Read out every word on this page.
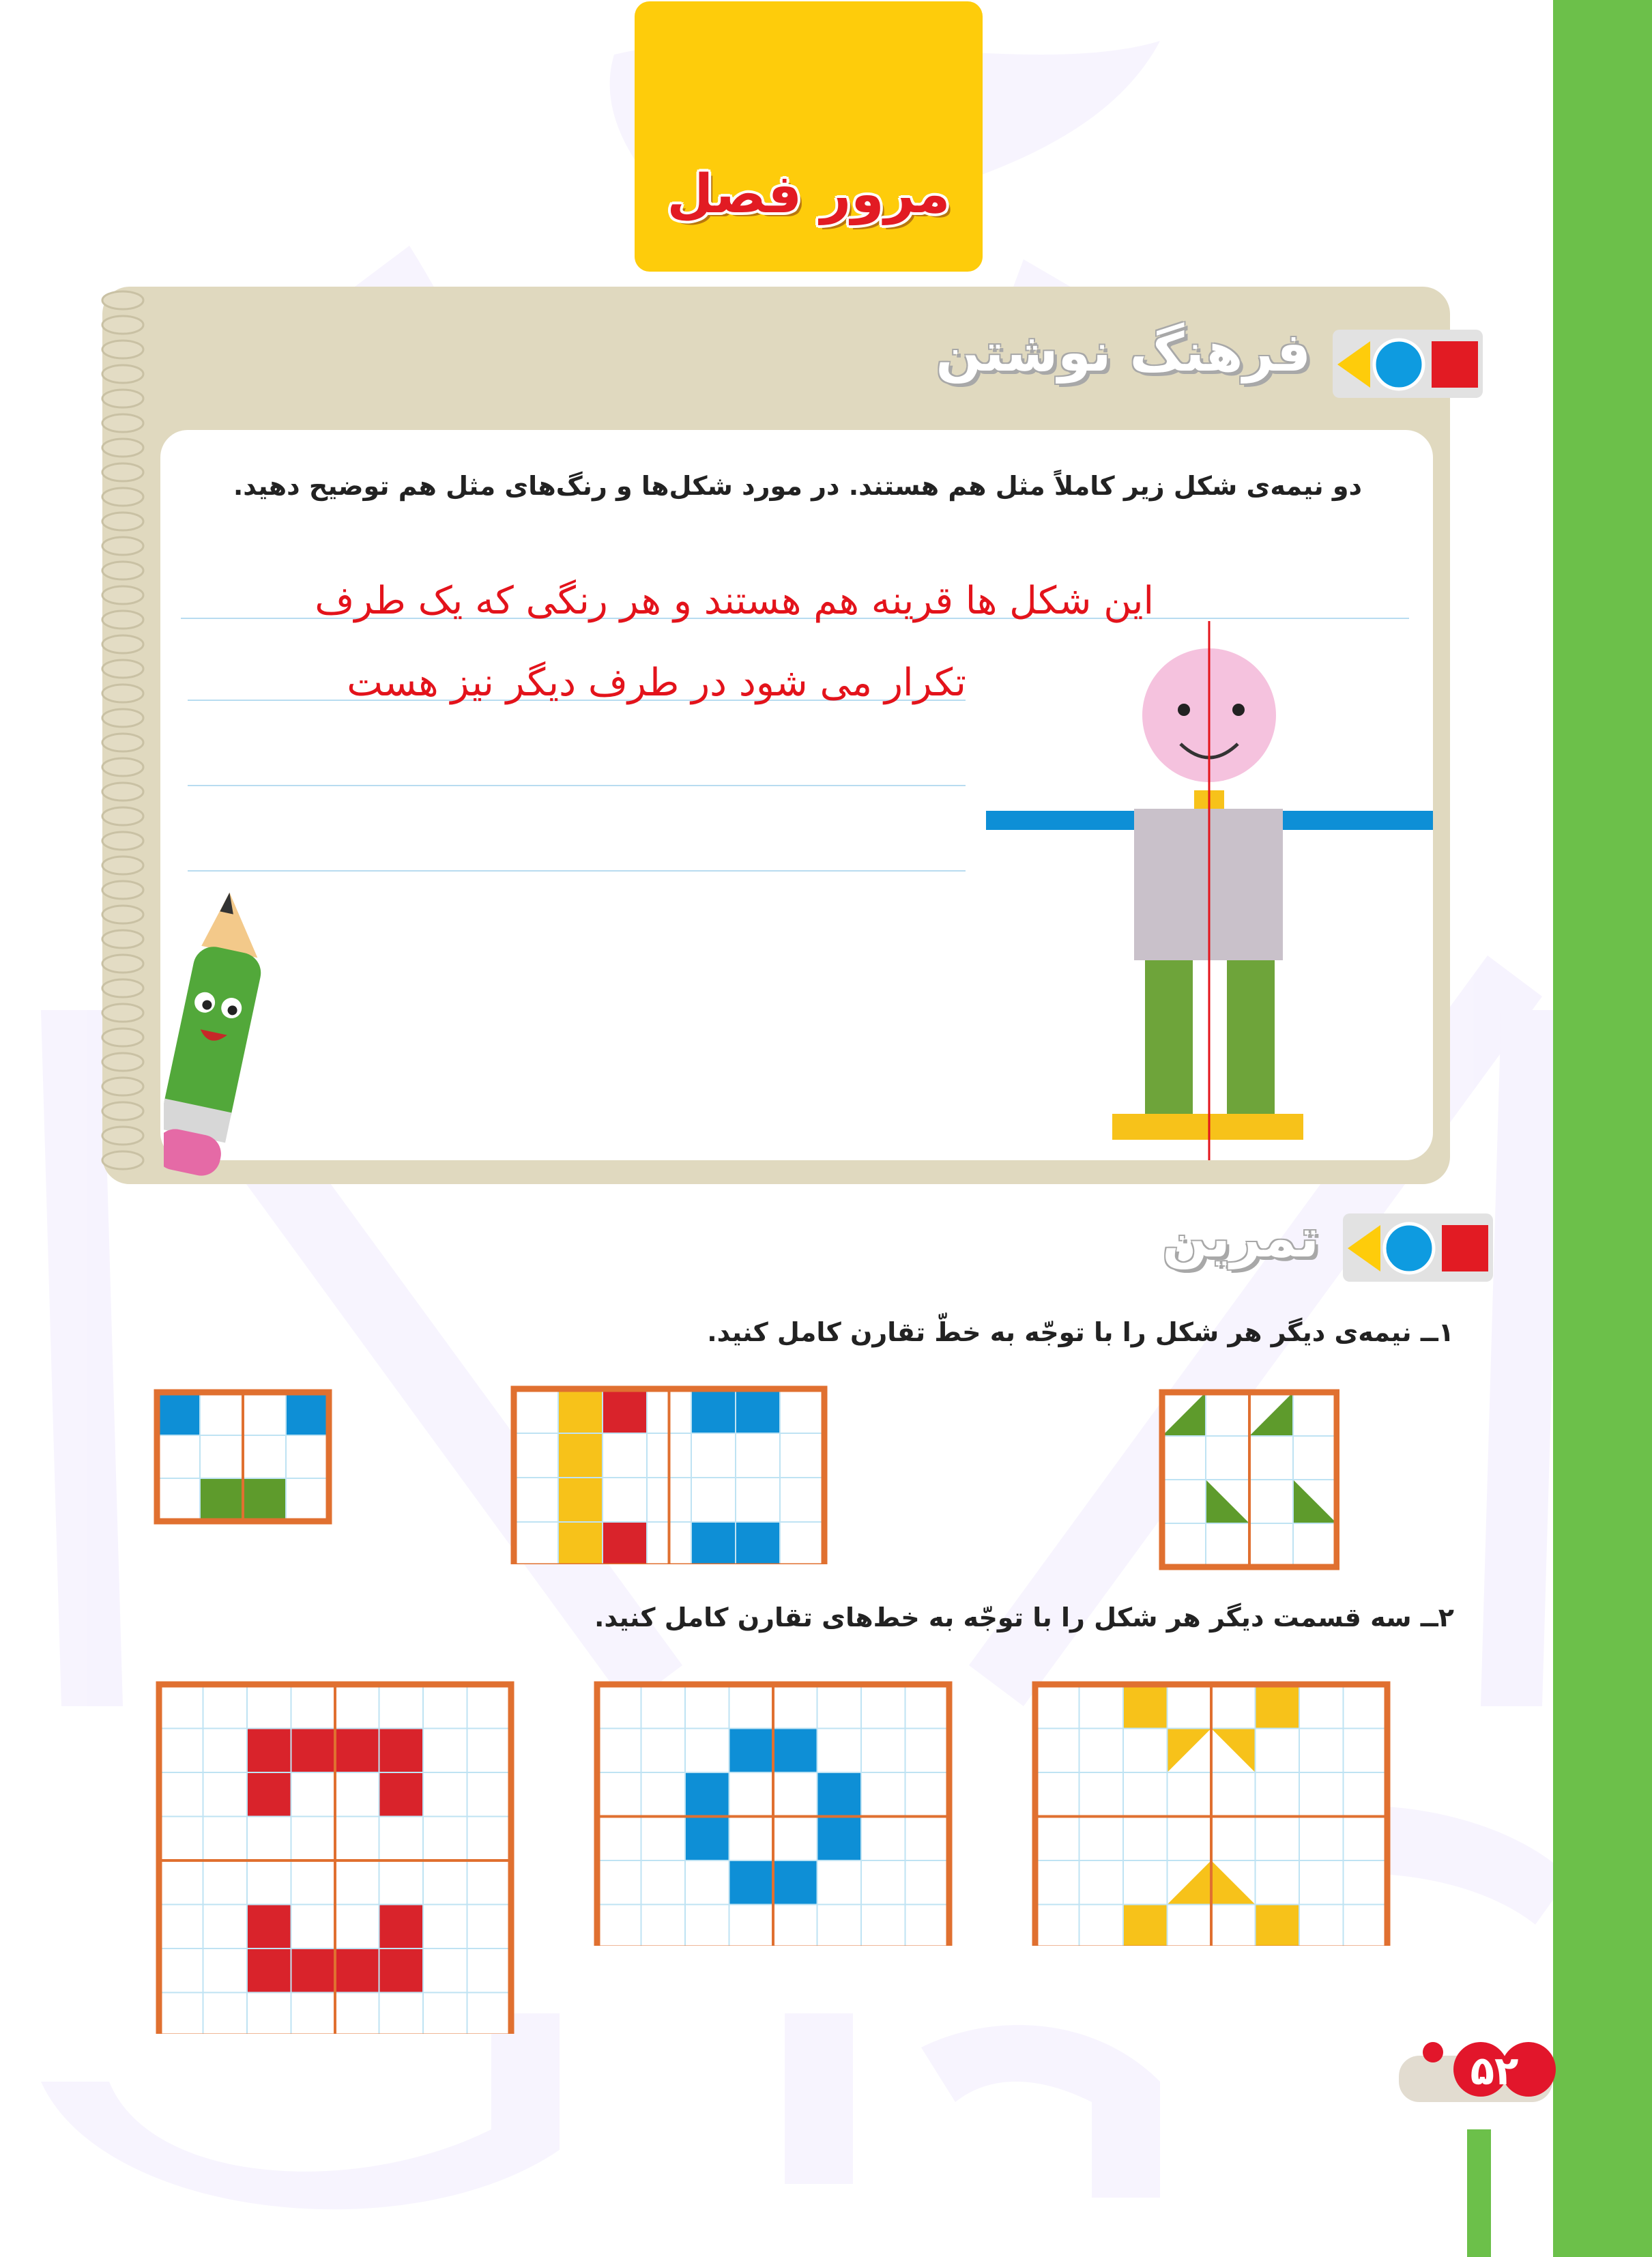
مرور فصل
فرهنگ نوشتن
دو نیمه‌ی شکل زیر کاملاً مثل هم هستند. در مورد شکل‌ها و رنگ‌های مثل هم توضیح دهید.
این شکل ها قرینه هم هستند و هر رنگی که یک طرف
تکرار می شود در طرف دیگر نیز هست
تمرین
۱ــ نیمه‌ی دیگر هر شکل را با توجّه به خطّ تقارن کامل کنید.
۲ــ سه قسمت دیگر هر شکل را با توجّه به خط‌های تقارن کامل کنید.
۵۲
